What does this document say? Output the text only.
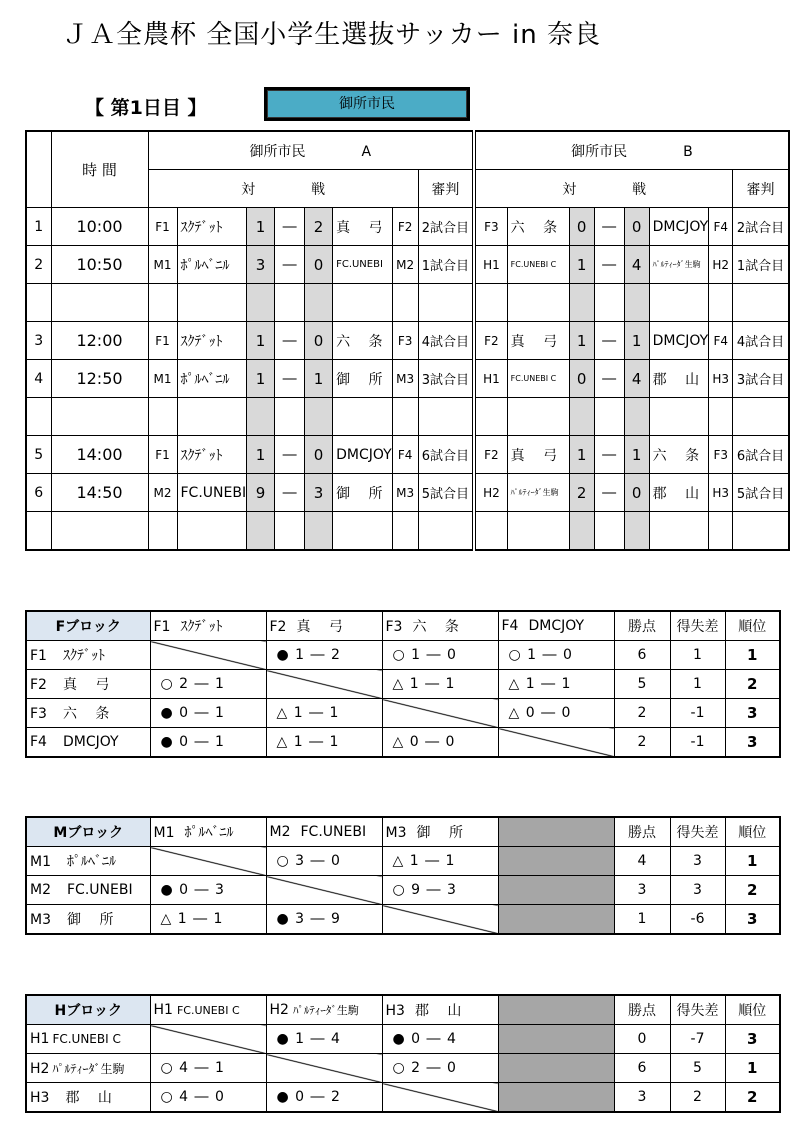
ＪＡ全農杯 全国小学生選抜サッカー in 奈良
【 第1日目 】	御所市民
	時 間	御所市民　　　　A								御所市民　　　　B							
		対　　　　戦							審判	対　　　　戦							審判
1	10:00	F1	ｽｸﾃﾞｯﾄ	1	―	2	真　 弓	F2	2試合目	F3	六　 条	0	―	0	DMCJOY	F4	2試合目
2	10:50	M1	ﾎﾟﾙﾍﾞﾆﾙ	3	―	0	FC.UNEBI	M2	1試合目	H1	FC.UNEBI C	1	―	4	ﾊﾟﾙﾃｨｰﾀﾞ生駒	H2	1試合目

3	12:00	F1	ｽｸﾃﾞｯﾄ	1	―	0	六　 条	F3	4試合目	F2	真　 弓	1	―	1	DMCJOY	F4	4試合目
4	12:50	M1	ﾎﾟﾙﾍﾞﾆﾙ	1	―	1	御　 所	M3	3試合目	H1	FC.UNEBI C	0	―	4	郡　 山	H3	3試合目

5	14:00	F1	ｽｸﾃﾞｯﾄ	1	―	0	DMCJOY	F4	6試合目	F2	真　 弓	1	―	1	六　 条	F3	6試合目
6	14:50	M2	FC.UNEBI	9	―	3	御　 所	M3	5試合目	H2	ﾊﾟﾙﾃｨｰﾀﾞ生駒	2	―	0	郡　 山	H3	5試合目

Fブロック	F1 ｽｸﾃﾞｯﾄ	F2 真　 弓	F3 六　 条	F4 DMCJOY	勝点	得失差	順位
F1 ｽｸﾃﾞｯﾄ		● 1 ― 2	○ 1 ― 0	○ 1 ― 0	6	1	1
F2 真　 弓	○ 2 ― 1		△ 1 ― 1	△ 1 ― 1	5	1	2
F3 六　 条	● 0 ― 1	△ 1 ― 1		△ 0 ― 0	2	-1	3
F4 DMCJOY	● 0 ― 1	△ 1 ― 1	△ 0 ― 0		2	-1	3
Mブロック	M1 ﾎﾟﾙﾍﾞﾆﾙ	M2 FC.UNEBI	M3 御　 所		勝点	得失差	順位
M1 ﾎﾟﾙﾍﾞﾆﾙ		○ 3 ― 0	△ 1 ― 1		4	3	1
M2 FC.UNEBI	● 0 ― 3		○ 9 ― 3		3	3	2
M3 御　 所	△ 1 ― 1	● 3 ― 9			1	-6	3
Hブロック	H1 FC.UNEBI C	H2 ﾊﾟﾙﾃｨｰﾀﾞ生駒	H3 郡　 山		勝点	得失差	順位
H1 FC.UNEBI C		● 1 ― 4	● 0 ― 4		0	-7	3
H2 ﾊﾟﾙﾃｨｰﾀﾞ生駒	○ 4 ― 1		○ 2 ― 0		6	5	1
H3 郡　 山	○ 4 ― 0	● 0 ― 2			3	2	2
